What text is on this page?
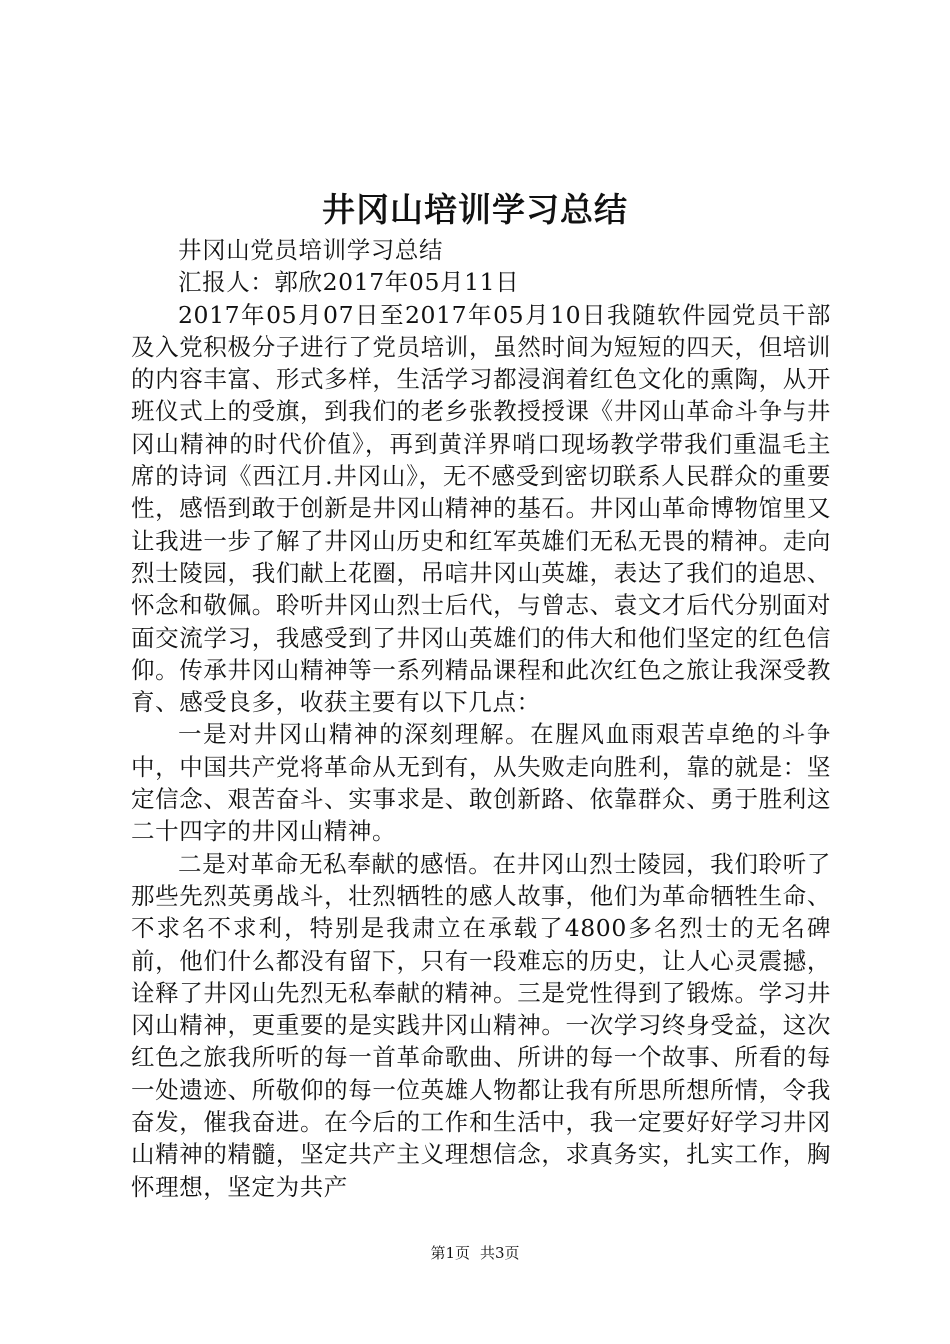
井冈山培训学习总结

井冈山党员培训学习总结

汇报人：郭欣2017年05月11日

2017年05月07日至2017年05月10日我随软件园党员干部及入党积极分子进行了党员培训，虽然时间为短短的四天，但培训的内容丰富、形式多样，生活学习都浸润着红色文化的熏陶，从开班仪式上的受旗，到我们的老乡张教授授课《井冈山革命斗争与井冈山精神的时代价值》，再到黄洋界哨口现场教学带我们重温毛主席的诗词《西江月.井冈山》，无不感受到密切联系人民群众的重要性，感悟到敢于创新是井冈山精神的基石。井冈山革命博物馆里又让我进一步了解了井冈山历史和红军英雄们无私无畏的精神。走向烈士陵园，我们献上花圈，吊唁井冈山英雄，表达了我们的追思、怀念和敬佩。聆听井冈山烈士后代，与曾志、袁文才后代分别面对面交流学习，我感受到了井冈山英雄们的伟大和他们坚定的红色信仰。传承井冈山精神等一系列精品课程和此次红色之旅让我深受教育、感受良多，收获主要有以下几点：

一是对井冈山精神的深刻理解。在腥风血雨艰苦卓绝的斗争中，中国共产党将革命从无到有，从失败走向胜利，靠的就是：坚定信念、艰苦奋斗、实事求是、敢创新路、依靠群众、勇于胜利这二十四字的井冈山精神。

二是对革命无私奉献的感悟。在井冈山烈士陵园，我们聆听了那些先烈英勇战斗，壮烈牺牲的感人故事，他们为革命牺牲生命、不求名不求利，特别是我肃立在承载了4800多名烈士的无名碑前，他们什么都没有留下，只有一段难忘的历史，让人心灵震撼，诠释了井冈山先烈无私奉献的精神。三是党性得到了锻炼。学习井冈山精神，更重要的是实践井冈山精神。一次学习终身受益，这次红色之旅我所听的每一首革命歌曲、所讲的每一个故事、所看的每一处遗迹、所敬仰的每一位英雄人物都让我有所思所想所情，令我奋发，催我奋进。在今后的工作和生活中，我一定要好好学习井冈山精神的精髓，坚定共产主义理想信念，求真务实，扎实工作，胸怀理想，坚定为共产

第1页 共3页
